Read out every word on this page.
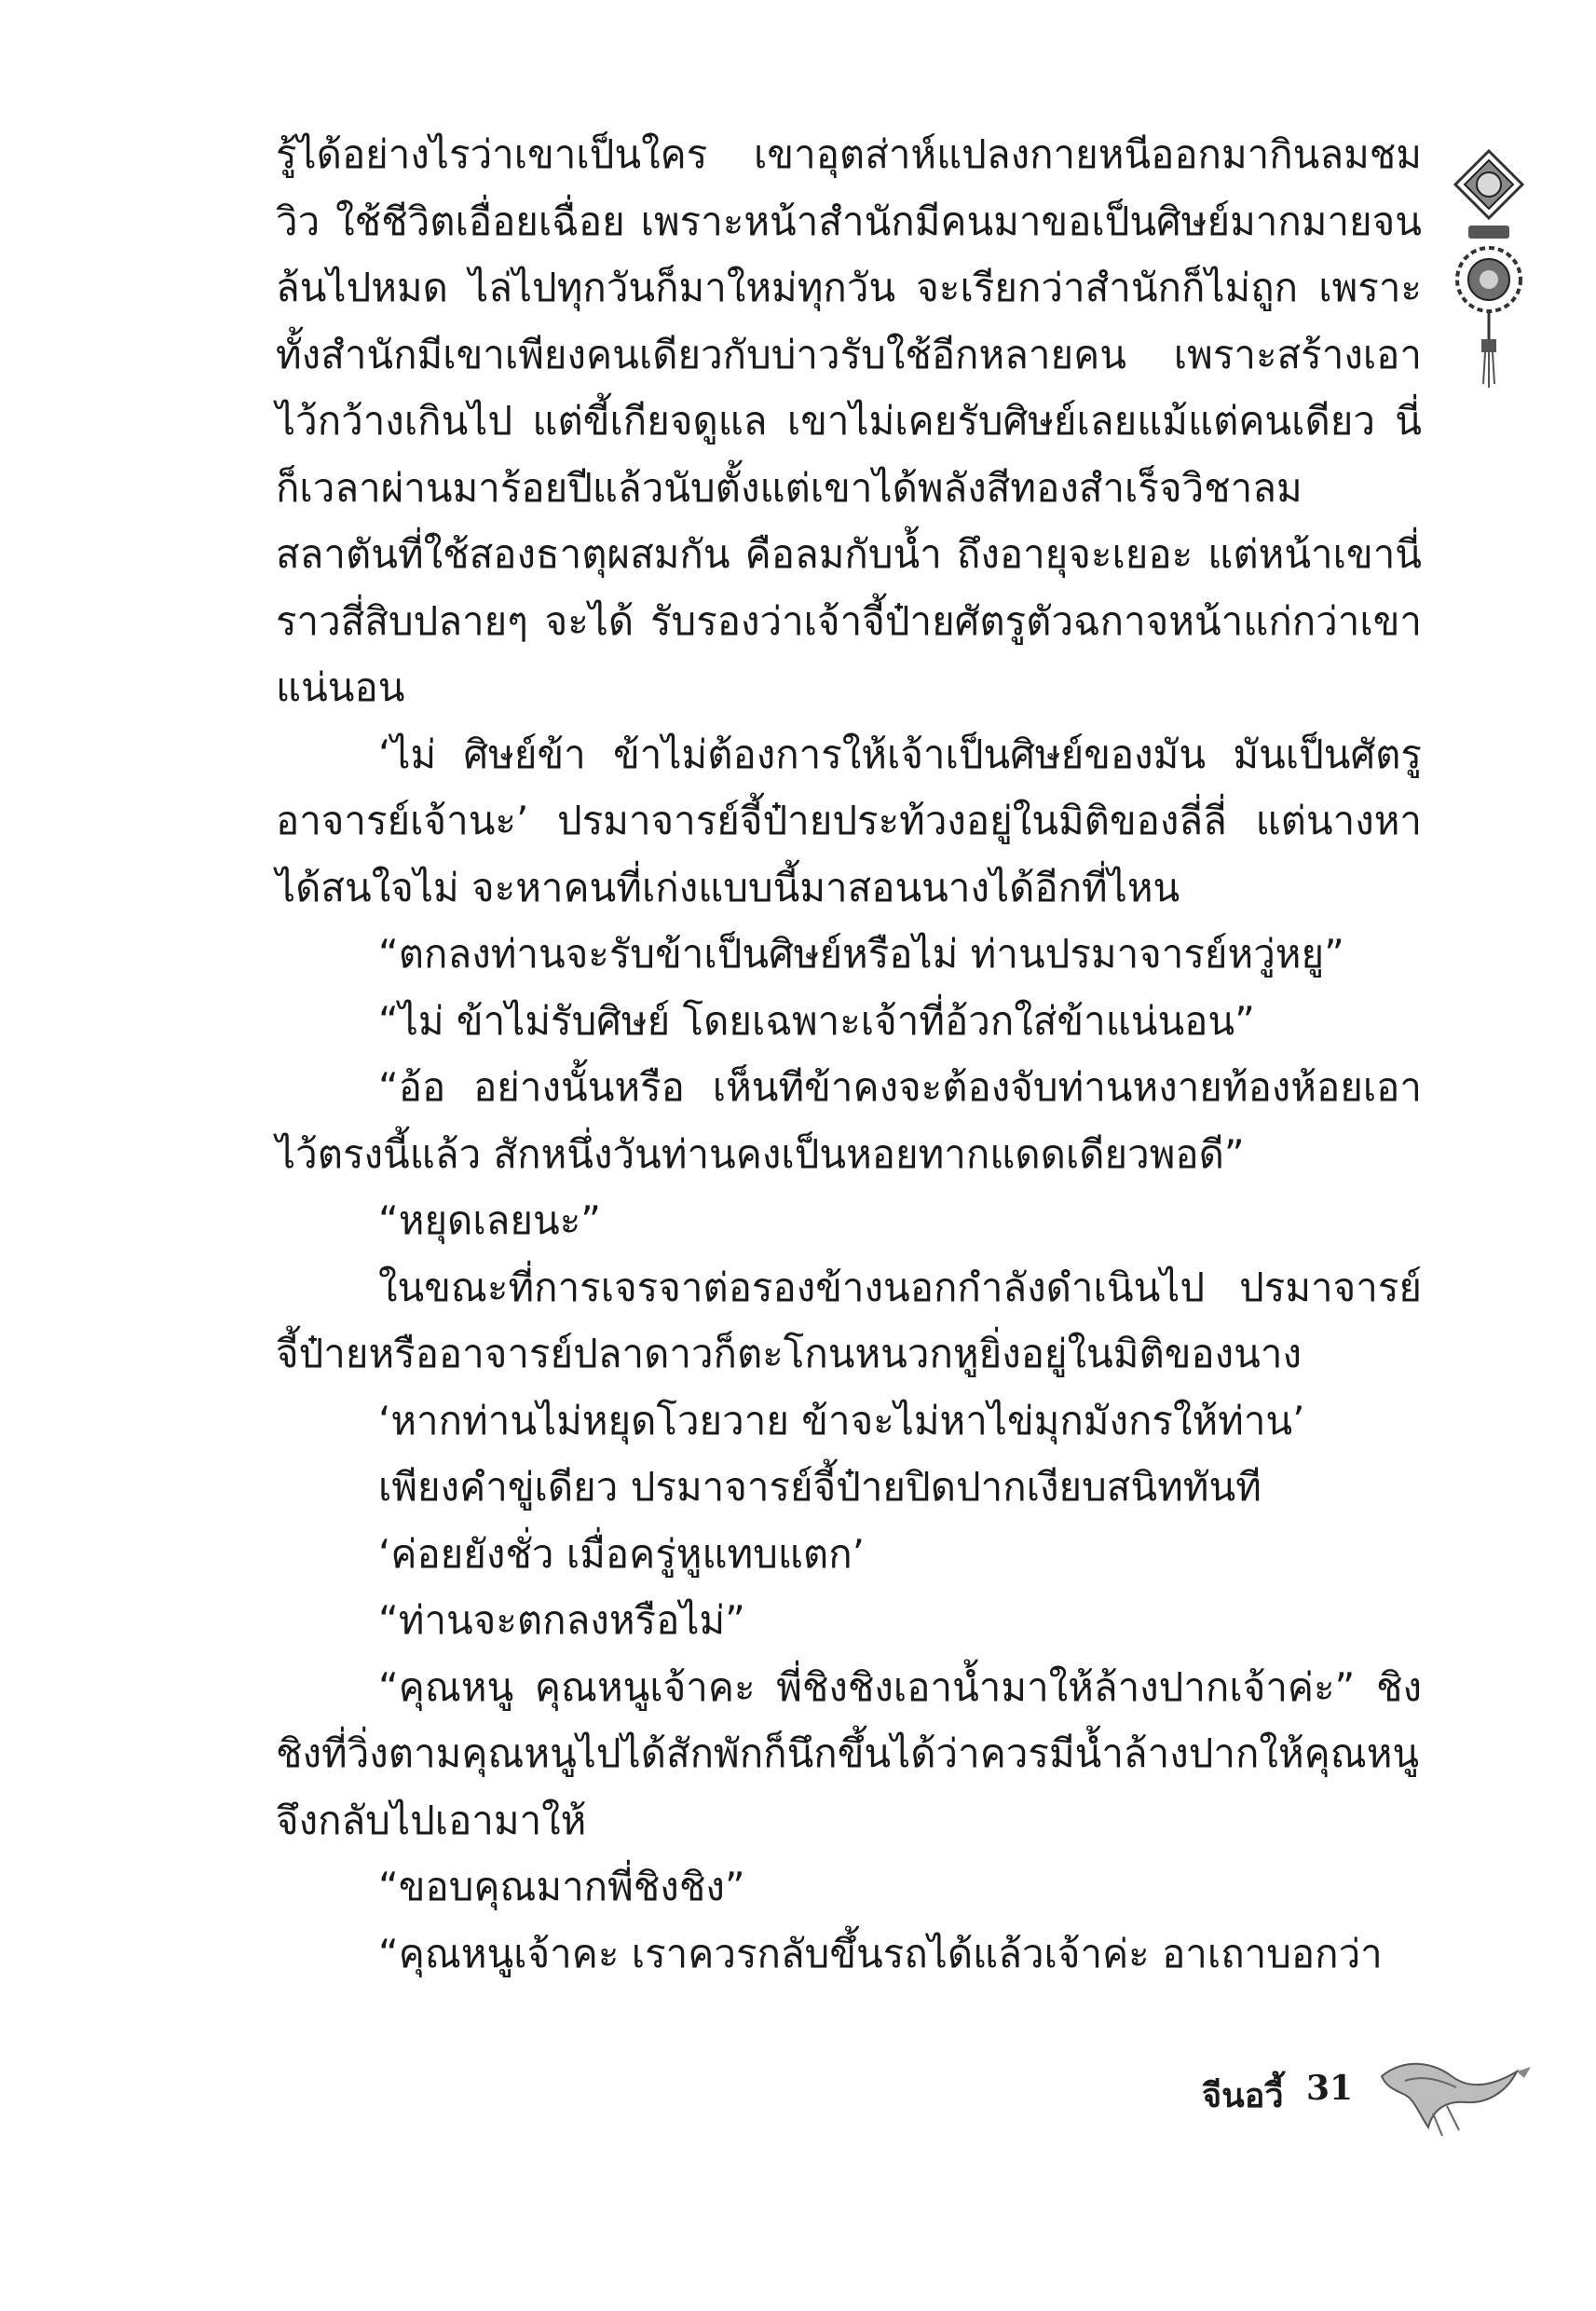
รู้ได้อย่างไรว่าเขาเป็นใคร เขาอุตส่าห์แปลงกายหนีออกมากินลมชมวิว ใช้ชีวิตเอื่อยเฉื่อย เพราะหน้าสำนักมีคนมาขอเป็นศิษย์มากมายจนล้นไปหมด ไล่ไปทุกวันก็มาใหม่ทุกวัน จะเรียกว่าสำนักก็ไม่ถูก เพราะทั้งสำนักมีเขาเพียงคนเดียวกับบ่าวรับใช้อีกหลายคน เพราะสร้างเอาไว้กว้างเกินไป แต่ขี้เกียจดูแล เขาไม่เคยรับศิษย์เลยแม้แต่คนเดียว นี่ก็เวลาผ่านมาร้อยปีแล้วนับตั้งแต่เขาได้พลังสีทองสำเร็จวิชาลมสลาตันที่ใช้สองธาตุผสมกัน คือลมกับน้ำ ถึงอายุจะเยอะ แต่หน้าเขานี่ราวสี่สิบปลายๆ จะได้ รับรองว่าเจ้าจี้ป๋ายศัตรูตัวฉกาจหน้าแก่กว่าเขาแน่นอน

‘ไม่ ศิษย์ข้า ข้าไม่ต้องการให้เจ้าเป็นศิษย์ของมัน มันเป็นศัตรูอาจารย์เจ้านะ’ ปรมาจารย์จี้ป๋ายประท้วงอยู่ในมิติของลี่ลี่ แต่นางหาได้สนใจไม่ จะหาคนที่เก่งแบบนี้มาสอนนางได้อีกที่ไหน

“ตกลงท่านจะรับข้าเป็นศิษย์หรือไม่ ท่านปรมาจารย์หวู่หยู”

“ไม่ ข้าไม่รับศิษย์ โดยเฉพาะเจ้าที่อ้วกใส่ข้าแน่นอน”

“อ้อ อย่างนั้นหรือ เห็นทีข้าคงจะต้องจับท่านหงายท้องห้อยเอาไว้ตรงนี้แล้ว สักหนึ่งวันท่านคงเป็นหอยทากแดดเดียวพอดี”

“หยุดเลยนะ”

ในขณะที่การเจรจาต่อรองข้างนอกกำลังดำเนินไป ปรมาจารย์จี้ป๋ายหรืออาจารย์ปลาดาวก็ตะโกนหนวกหูยิ่งอยู่ในมิติของนาง

‘หากท่านไม่หยุดโวยวาย ข้าจะไม่หาไข่มุกมังกรให้ท่าน’

เพียงคำขู่เดียว ปรมาจารย์จี้ป๋ายปิดปากเงียบสนิททันที

‘ค่อยยังชั่ว เมื่อครู่หูแทบแตก’

“ท่านจะตกลงหรือไม่”

“คุณหนู คุณหนูเจ้าคะ พี่ชิงชิงเอาน้ำมาให้ล้างปากเจ้าค่ะ” ชิงชิงที่วิ่งตามคุณหนูไปได้สักพักก็นึกขึ้นได้ว่าควรมีน้ำล้างปากให้คุณหนูจึงกลับไปเอามาให้

“ขอบคุณมากพี่ชิงชิง”

“คุณหนูเจ้าคะ เราควรกลับขึ้นรถได้แล้วเจ้าค่ะ อาเถาบอกว่า

จีนอวี้ 31
